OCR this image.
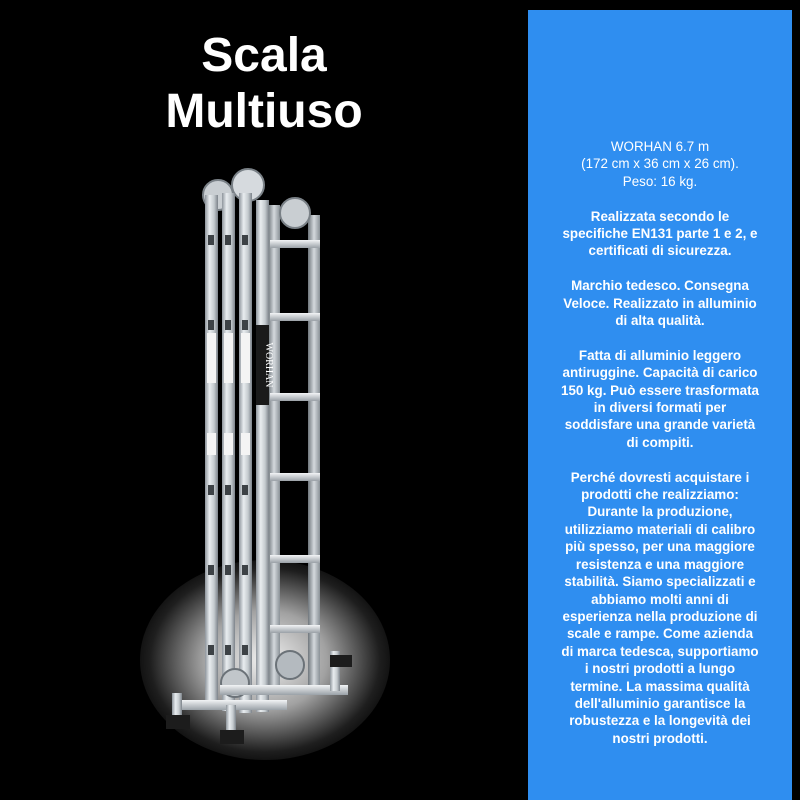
Scala
Multiuso
WORHAN

WORHAN 6.7 m
(172 cm x 36 cm x 26 cm).
Peso: 16 kg.

Realizzata secondo le
specifiche EN131 parte 1 e 2, e
certificati di sicurezza.

Marchio tedesco. Consegna
Veloce. Realizzato in alluminio
di alta qualità.

Fatta di alluminio leggero
antiruggine. Capacità di carico
150 kg. Può essere trasformata
in diversi formati per
soddisfare una grande varietà
di compiti.

Perché dovresti acquistare i
prodotti che realizziamo:
Durante la produzione,
utilizziamo materiali di calibro
più spesso, per una maggiore
resistenza e una maggiore
stabilità. Siamo specializzati e
abbiamo molti anni di
esperienza nella produzione di
scale e rampe. Come azienda
di marca tedesca, supportiamo
i nostri prodotti a lungo
termine. La massima qualità
dell'alluminio garantisce la
robustezza e la longevità dei
nostri prodotti.
